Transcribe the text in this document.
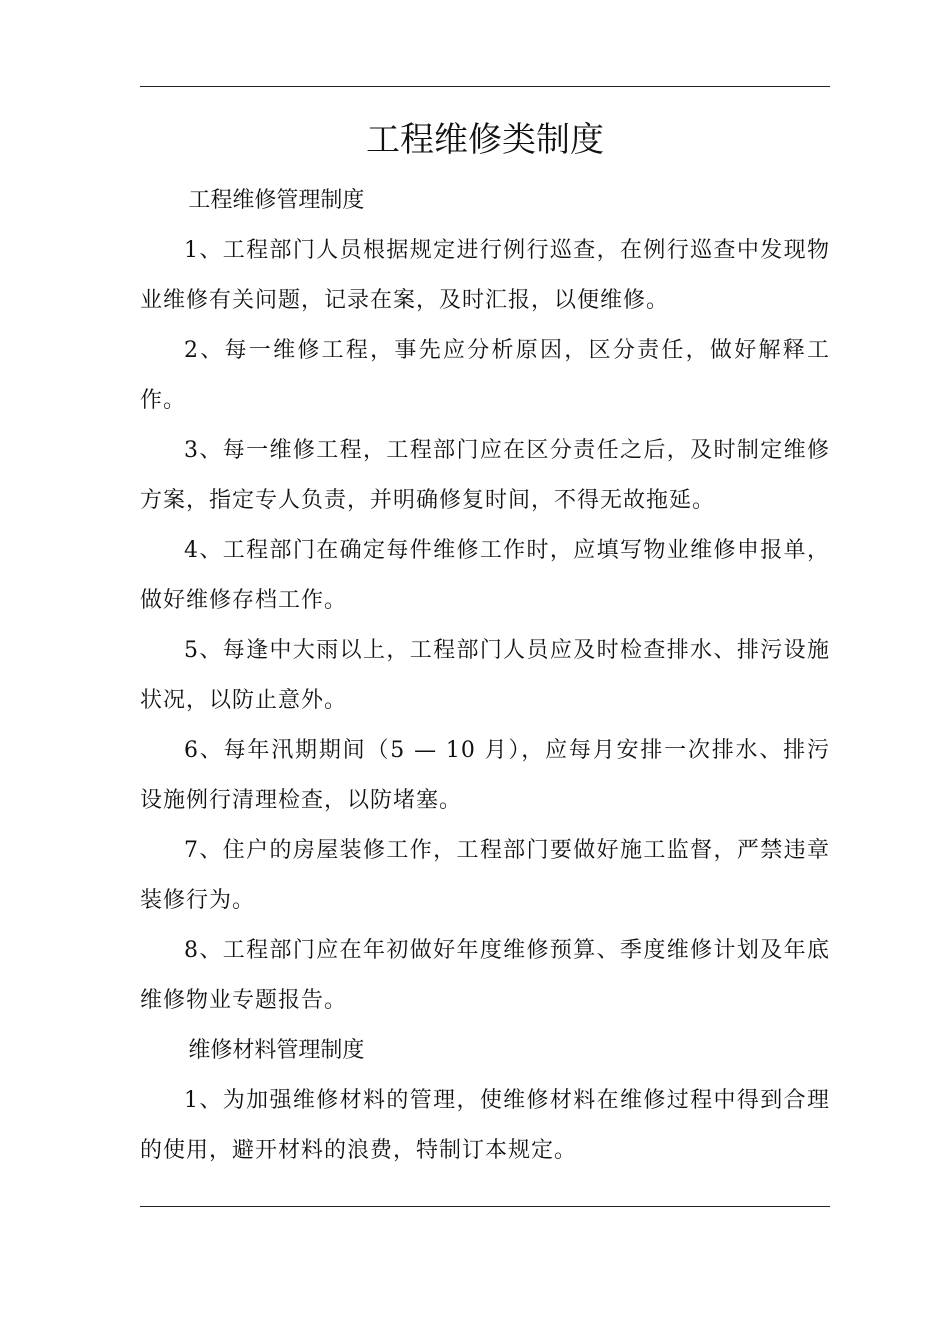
工程维修类制度

工程维修管理制度

1、工程部门人员根据规定进行例行巡查，在例行巡查中发现物业维修有关问题，记录在案，及时汇报，以便维修。

2、每一维修工程，事先应分析原因，区分责任，做好解释工作。

3、每一维修工程，工程部门应在区分责任之后，及时制定维修方案，指定专人负责，并明确修复时间，不得无故拖延。

4、工程部门在确定每件维修工作时，应填写物业维修申报单，做好维修存档工作。

5、每逢中大雨以上，工程部门人员应及时检查排水、排污设施状况，以防止意外。

6、每年汛期期间（5 — 10 月），应每月安排一次排水、排污设施例行清理检查，以防堵塞。

7、住户的房屋装修工作，工程部门要做好施工监督，严禁违章装修行为。

8、工程部门应在年初做好年度维修预算、季度维修计划及年底维修物业专题报告。

维修材料管理制度

1、为加强维修材料的管理，使维修材料在维修过程中得到合理的使用，避开材料的浪费，特制订本规定。
